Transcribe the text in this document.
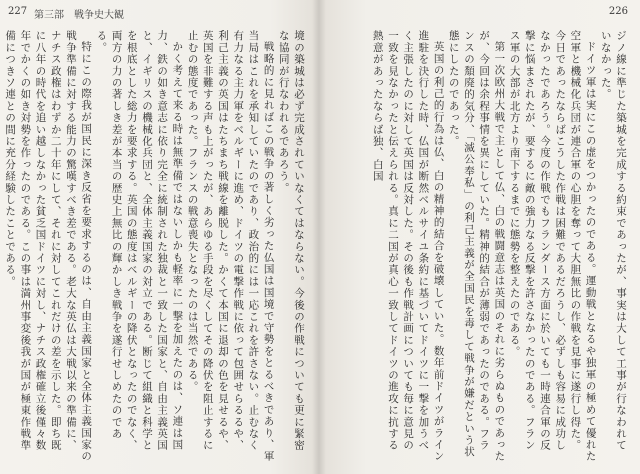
227 第三部　戦争史大観	226

ジノ線に準じた築城を完成する約束であったが、事実は大して工事が行なわれていなかった。

ドイツ軍は実にこの虚をつかったのである。運動戦となるや独軍の極めて優れた空軍と機械化兵団が連合軍の心胆を奪って大胆無比の作戦を見事に遂行し得た。今日であったならばこうした作戦は困難であるだろうし、必ずしも容易に成功しなかったであろう。今度の作戦でもフランダース方面に於いても一時連合軍の反撃に悩まされたが、要するに敵の強力なる反撃を許さなかったのである。フランス軍の大部が北方より南下するまでに態勢を整えたのである。

第一次欧州大戦で主として仏、白の戦闘意志は英国のそれに劣らぬものであったが、今回は余程事情を異にしていた。精神的結合が薄弱であったのである。フランスの頽廃的気分、「滅公奉私」の利己主義が全国民を毒して戦争が嫌だという状態にしたのであった。

英国の利己的行為は仏、白の精神的結合を破壊していた。数年前ドイツがライン進駐を決行した時、仏国が断然ベルサイユ条約に基づいてドイツに一撃を加うべく主張したのに対して英国は反対した。その後も作戦計画についても毎に意見の一致を見なかったと伝えられる。真に二国が真心一致してドイツの進攻に抗する熱意があったならば独、白国

境の築城は必ず完成されていなくてはならない。今後の作戦についても更に緊密な協同が行なわれるであろう。

戦略的に見ればこの戦争の著しく劣った仏国は国境で守勢をとるべきであり、軍当局はこれを承知していたのであり、政治的には一応これを許さない。止むなく有力なる主力軍をベルギーに進め、ドイツの電撃作戦に依って包囲せらるるや、利己主義の英国はたちまち戦線を離脱した。かくて本国に退却の色を見せるや、英国を非難する声も上がったが、あらゆる手段を尽くしてその降伏を阻止するに止むの態度であった。フランスの戦意喪失となったのは当然である。

かく考えて来る時は無準備ではないしかも軽率に一撃を加えたのは、ソ連は国力、鉄の如き意志に依り完全に統制された独裁と一致した国家と、自由主義英国と、イギリスの機械化兵団と、全体主義国家の対立である。断じて組織と科学とを根底とした総力を要求する。英国の態度はベルギーの降伏となったのでなく、両方の力の著しき差が本当の歴史上無比の輝かしき戦争を遂行せしめたのである。

特にこの際我が国民に深き反省を要求するのは、自由主義国家と全体主義国家の戦争準備に対する能力の驚嘆すべき差である。老大な英仏は大戦以来の準備に、ナチス政権はわずか二十年にして、それに対してこれだけの差を示した。即ち既に八年の時代を追い越しなかった貧乏国ドイツに対し、ナチス政権確立後僅々数年でかくの如き対勢を作ったのである。この事は満州事変後我が国が極東作戦準備につきソ連との間に充分経験したことである。
